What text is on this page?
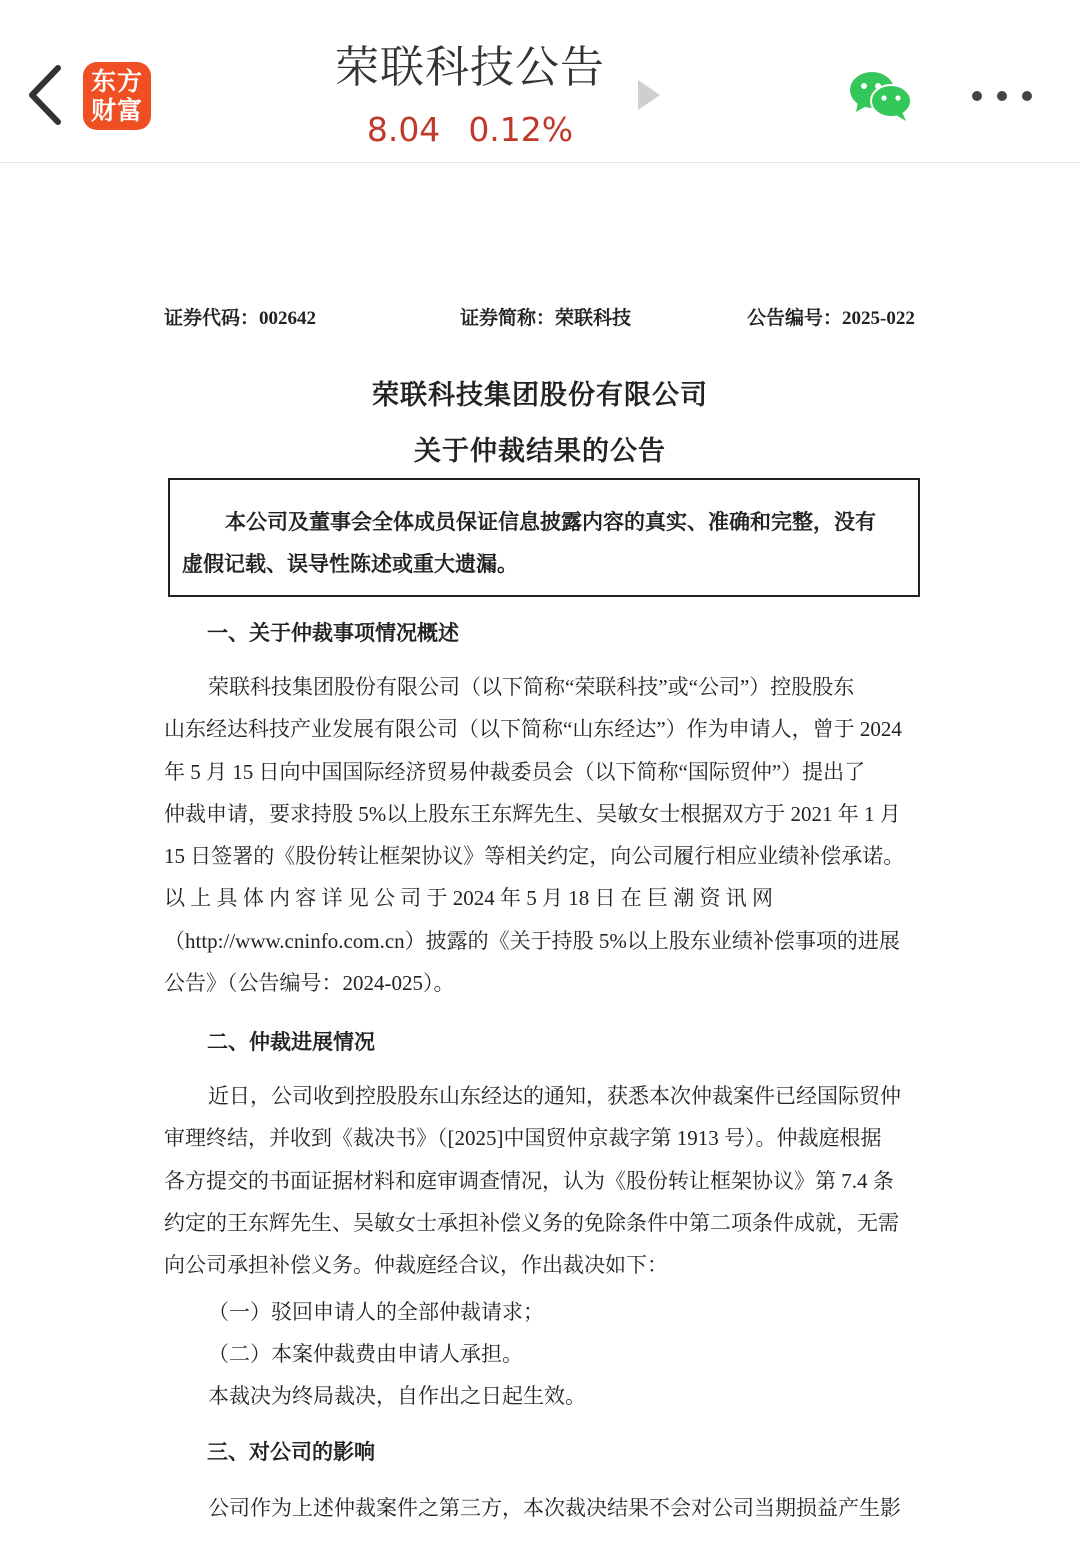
东方
财富
荣联科技公告
8.04 0.12%
证券代码：002642	证券简称：荣联科技	公告编号：2025-022
荣联科技集团股份有限公司
关于仲裁结果的公告
本公司及董事会全体成员保证信息披露内容的真实、准确和完整，没有
虚假记载、误导性陈述或重大遗漏。
一、关于仲裁事项情况概述
荣联科技集团股份有限公司（以下简称“荣联科技”或“公司”）控股股东
山东经达科技产业发展有限公司（以下简称“山东经达”）作为申请人，曾于 2024
年 5 月 15 日向中国国际经济贸易仲裁委员会（以下简称“国际贸仲”）提出了
仲裁申请，要求持股 5%以上股东王东辉先生、吴敏女士根据双方于 2021 年 1 月
15 日签署的《股份转让框架协议》等相关约定，向公司履行相应业绩补偿承诺。
以 上 具 体 内 容 详 见 公 司 于 2024 年 5 月 18 日 在 巨 潮 资 讯 网
（http://www.cninfo.com.cn）披露的《关于持股 5%以上股东业绩补偿事项的进展
公告》（公告编号：2024-025）。
二、仲裁进展情况
近日，公司收到控股股东山东经达的通知，获悉本次仲裁案件已经国际贸仲
审理终结，并收到《裁决书》（[2025]中国贸仲京裁字第 1913 号）。仲裁庭根据
各方提交的书面证据材料和庭审调查情况，认为《股份转让框架协议》第 7.4 条
约定的王东辉先生、吴敏女士承担补偿义务的免除条件中第二项条件成就，无需
向公司承担补偿义务。仲裁庭经合议，作出裁决如下：
（一）驳回申请人的全部仲裁请求；
（二）本案仲裁费由申请人承担。
本裁决为终局裁决，自作出之日起生效。
三、对公司的影响
公司作为上述仲裁案件之第三方，本次裁决结果不会对公司当期损益产生影
